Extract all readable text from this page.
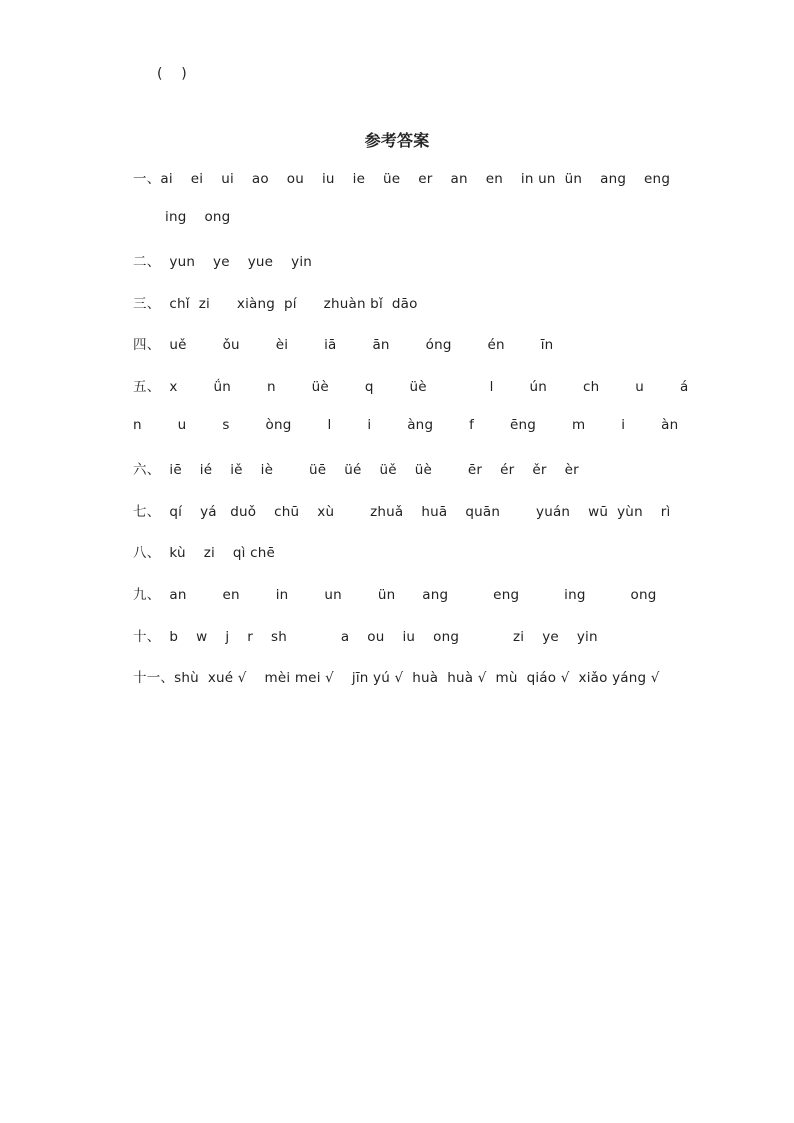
(    )
参考答案
一、ai    ei    ui    ao    ou    iu    ie    üe    er    an    en    in un  ün    ang    eng
ing    ong
二、  yun    ye    yue    yin
三、  chǐ  zi      xiàng  pí      zhuàn bǐ  dāo
四、  uě        ǒu        èi        iā        ān        óng        én        īn
五、  x        ǘn        n        üè        q        üè              l        ún        ch        u        á
n        u        s        òng        l        i        àng        f        ēng        m        i        àn
六、  iē    ié    iě    iè        üē    üé    üě    üè        ēr    ér    ěr    èr
七、  qí    yá   duǒ    chū    xù        zhuǎ    huā    quān        yuán    wū  yùn    rì
八、  kù    zi    qì chē
九、  an        en        in        un        ün      ang          eng          ing          ong
十、  b    w    j    r    sh            a    ou    iu    ong            zi    ye    yin
十一、shù  xué √    mèi mei √    jīn yú √  huà  huà √  mù  qiáo √  xiǎo yáng √
